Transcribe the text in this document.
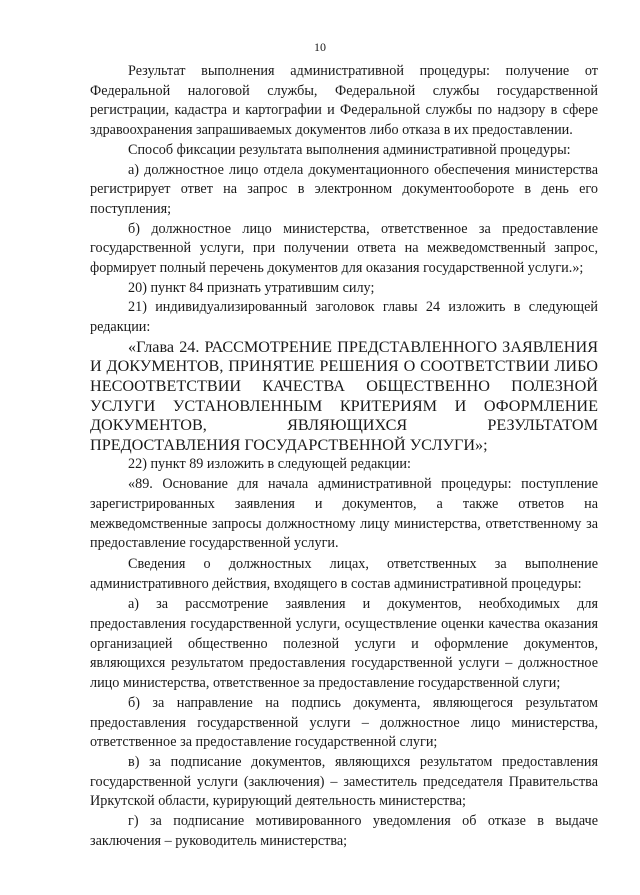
10

Результат выполнения административной процедуры: получение от Федеральной налоговой службы, Федеральной службы государственной регистрации, кадастра и картографии и Федеральной службы по надзору в сфере здравоохранения запрашиваемых документов либо отказа в их предоставлении.

Способ фиксации результата выполнения административной процедуры:

а) должностное лицо отдела документационного обеспечения министерства регистрирует ответ на запрос в электронном документообороте в день его поступления;

б) должностное лицо министерства, ответственное за предоставление государственной услуги, при получении ответа на межведомственный запрос, формирует полный перечень документов для оказания государственной услуги.»;

20) пункт 84 признать утратившим силу;

21) индивидуализированный заголовок главы 24 изложить в следующей редакции:

«Глава 24. РАССМОТРЕНИЕ ПРЕДСТАВЛЕННОГО ЗАЯВЛЕНИЯ И ДОКУМЕНТОВ, ПРИНЯТИЕ РЕШЕНИЯ О СООТВЕТСТВИИ ЛИБО НЕСООТВЕТСТВИИ КАЧЕСТВА ОБЩЕСТВЕННО ПОЛЕЗНОЙ УСЛУГИ УСТАНОВЛЕННЫМ КРИТЕРИЯМ И ОФОРМЛЕНИЕ ДОКУМЕНТОВ, ЯВЛЯЮЩИХСЯ РЕЗУЛЬТАТОМ ПРЕДОСТАВЛЕНИЯ ГОСУДАРСТВЕННОЙ УСЛУГИ»;

22) пункт 89 изложить в следующей редакции:

«89. Основание для начала административной процедуры: поступление зарегистрированных заявления и документов, а также ответов на межведомственные запросы должностному лицу министерства, ответственному за предоставление государственной услуги.

Сведения о должностных лицах, ответственных за выполнение административного действия, входящего в состав административной процедуры:

а) за рассмотрение заявления и документов, необходимых для предоставления государственной услуги, осуществление оценки качества оказания организацией общественно полезной услуги и оформление документов, являющихся результатом предоставления государственной услуги – должностное лицо министерства, ответственное за предоставление государственной слуги;

б) за направление на подпись документа, являющегося результатом предоставления государственной услуги – должностное лицо министерства, ответственное за предоставление государственной слуги;

в) за подписание документов, являющихся результатом предоставления государственной услуги (заключения) – заместитель председателя Правительства Иркутской области, курирующий деятельность министерства;

г) за подписание мотивированного уведомления об отказе в выдаче заключения – руководитель министерства;
